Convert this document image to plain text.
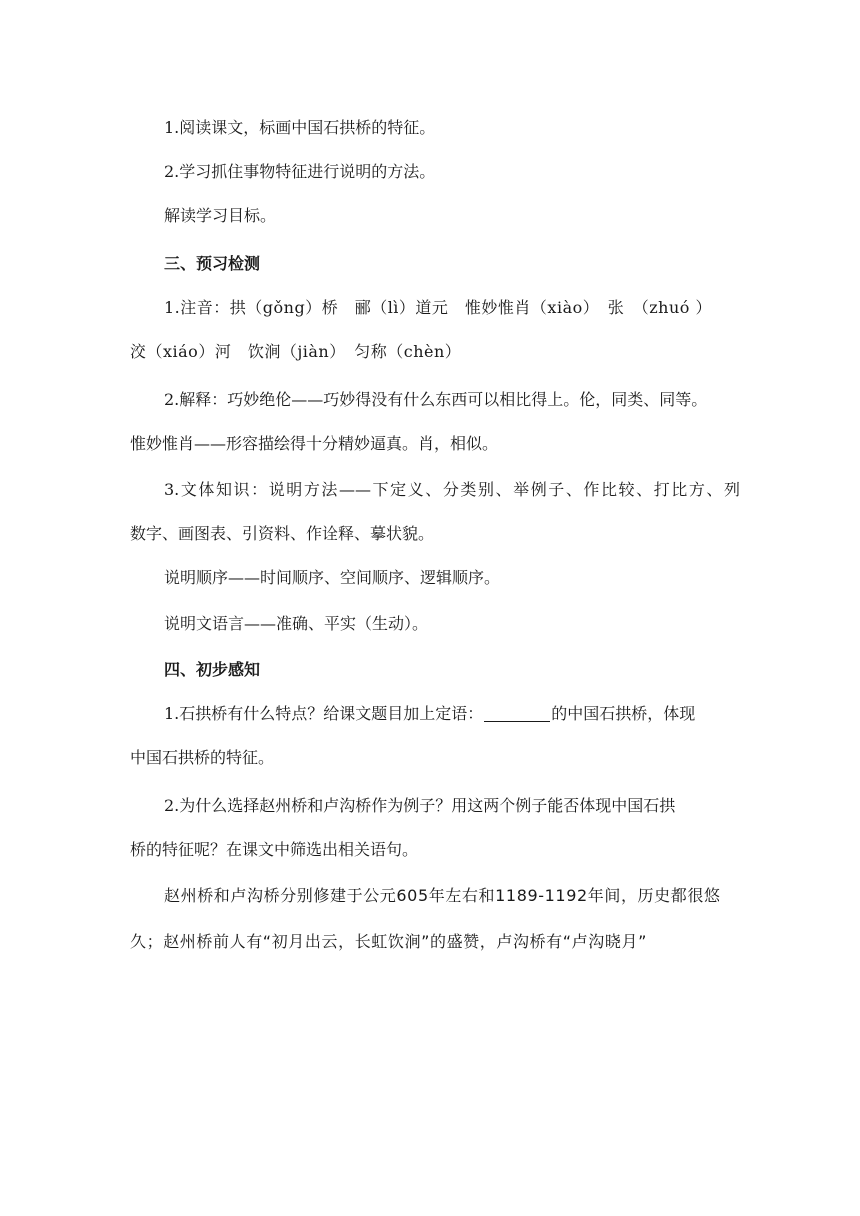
1.阅读课文，标画中国石拱桥的特征。
2.学习抓住事物特征进行说明的方法。
解读学习目标。
三、预习检测
1.注音：拱（gǒng）桥　郦（lì）道元　惟妙惟肖（xiào）　张　（zhuó ）
洨（xiáo）河　饮涧（jiàn）　匀称（chèn）
2.解释：巧妙绝伦——巧妙得没有什么东西可以相比得上。伦，同类、同等。
惟妙惟肖——形容描绘得十分精妙逼真。肖，相似。
3.文体知识：说明方法——下定义、分类别、举例子、作比较、打比方、列
数字、画图表、引资料、作诠释、摹状貌。
说明顺序——时间顺序、空间顺序、逻辑顺序。
说明文语言——准确、平实（生动）。
四、初步感知
1.石拱桥有什么特点？给课文题目加上定语：	的中国石拱桥，体现
中国石拱桥的特征。
2.为什么选择赵州桥和卢沟桥作为例子？用这两个例子能否体现中国石拱
桥的特征呢？在课文中筛选出相关语句。
赵州桥和卢沟桥分别修建于公元605年左右和1189-1192年间，历史都很悠
久；赵州桥前人有“初月出云，长虹饮涧”的盛赞，卢沟桥有“卢沟晓月”
